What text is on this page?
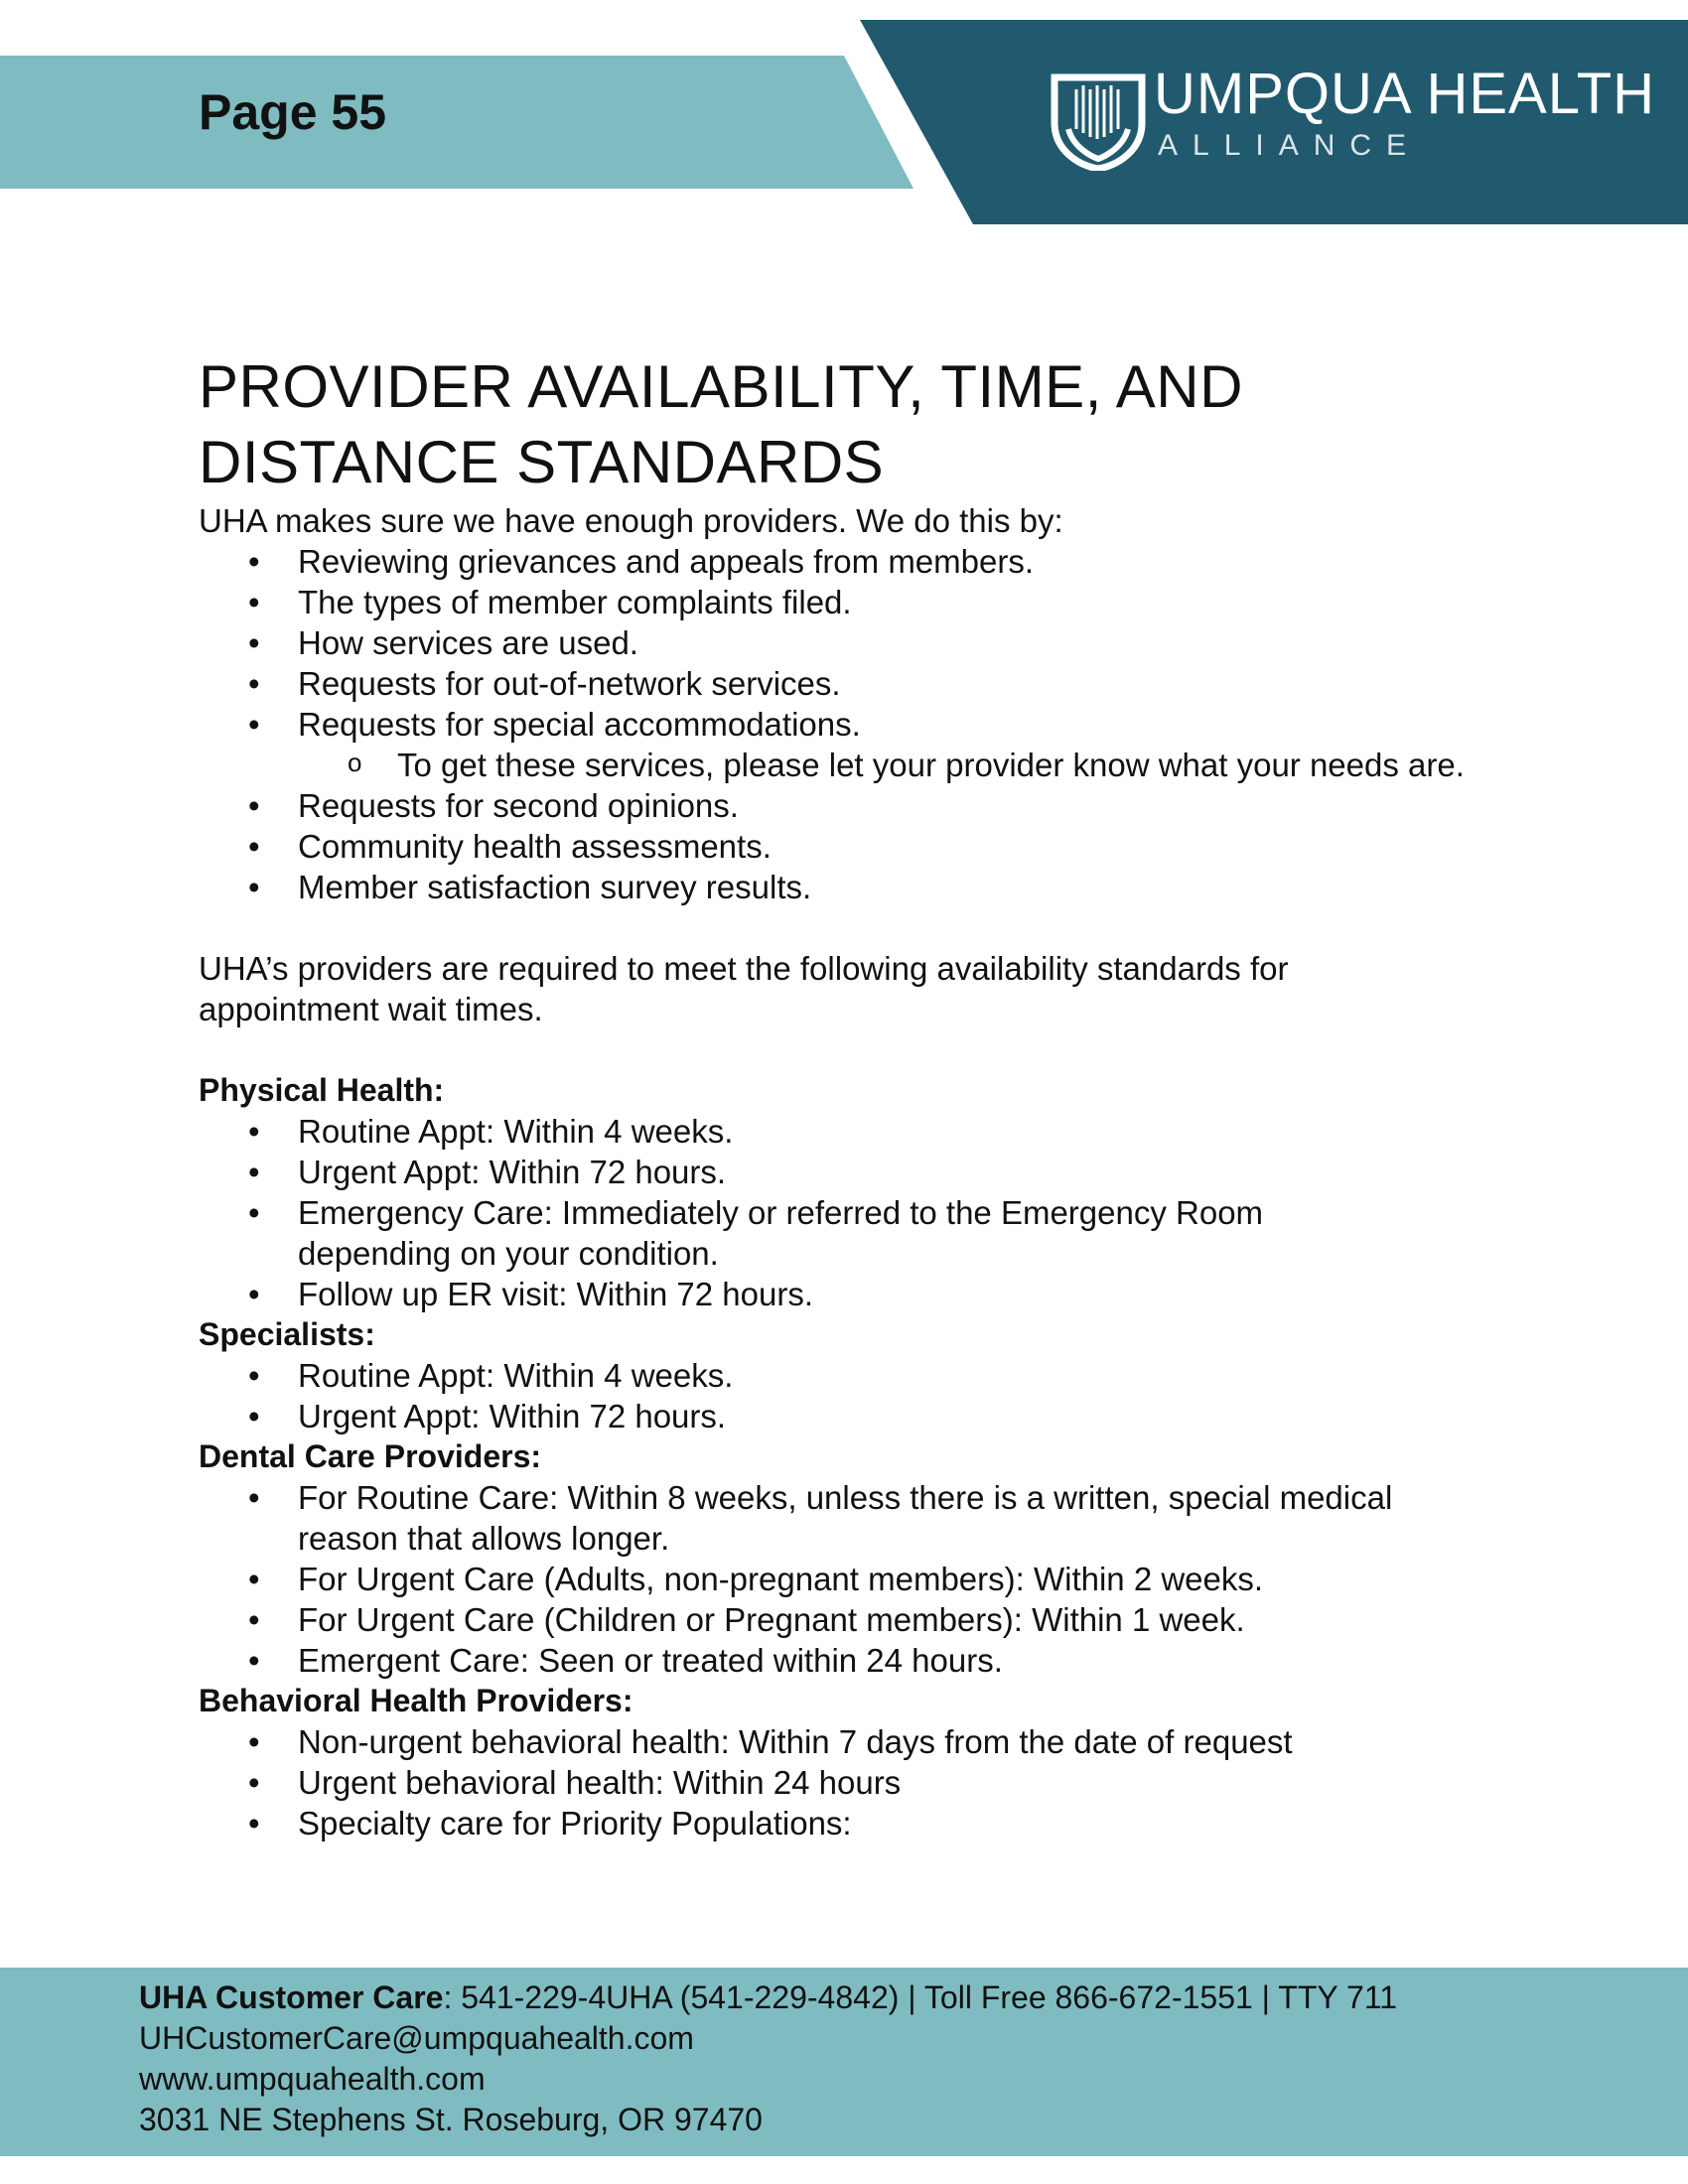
Page 55	UMPQUA HEALTH
ALLIANCE
PROVIDER AVAILABILITY, TIME, AND
DISTANCE STANDARDS

UHA makes sure we have enough providers. We do this by:

• Reviewing grievances and appeals from members.
• The types of member complaints filed.
• How services are used.
• Requests for out-of-network services.
• Requests for special accommodations.
o To get these services, please let your provider know what your needs are.
• Requests for second opinions.
• Community health assessments.
• Member satisfaction survey results.

UHA’s providers are required to meet the following availability standards for appointment wait times.

Physical Health:

• Routine Appt: Within 4 weeks.
• Urgent Appt: Within 72 hours.
• Emergency Care: Immediately or referred to the Emergency Room depending on your condition.
• Follow up ER visit: Within 72 hours.

Specialists:

• Routine Appt: Within 4 weeks.
• Urgent Appt: Within 72 hours.

Dental Care Providers:

• For Routine Care: Within 8 weeks, unless there is a written, special medical reason that allows longer.
• For Urgent Care (Adults, non-pregnant members): Within 2 weeks.
• For Urgent Care (Children or Pregnant members): Within 1 week.
• Emergent Care: Seen or treated within 24 hours.

Behavioral Health Providers:

• Non-urgent behavioral health: Within 7 days from the date of request
• Urgent behavioral health: Within 24 hours
• Specialty care for Priority Populations:
UHA Customer Care: 541-229-4UHA (541-229-4842) | Toll Free 866-672-1551 | TTY 711
UHCustomerCare@umpquahealth.com
www.umpquahealth.com
3031 NE Stephens St. Roseburg, OR 97470
